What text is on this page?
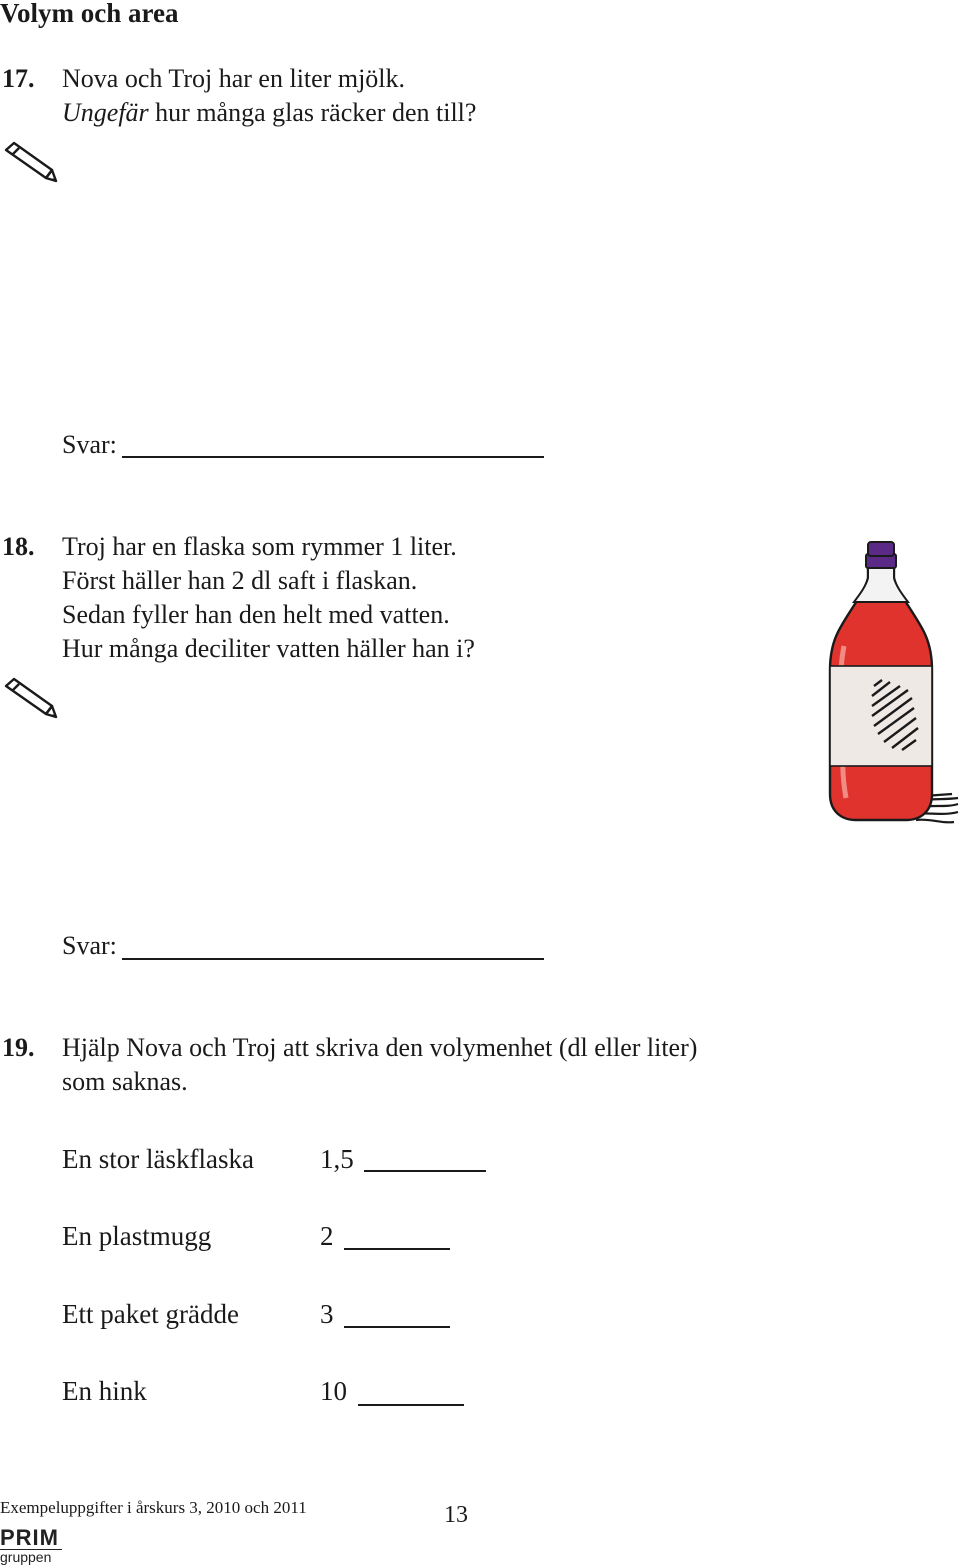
Volym och area
17. Nova och Troj har en liter mjölk.
Ungefär hur många glas räcker den till?
Svar:
18. Troj har en flaska som rymmer 1 liter.
Först häller han 2 dl saft i flaskan.
Sedan fyller han den helt med vatten.
Hur många deciliter vatten häller han i?
Svar:
19. Hjälp Nova och Troj att skriva den volymenhet (dl eller liter)
som saknas.
En stor läskflaska 1,5
En plastmugg	2
Ett paket grädde	3
En hink	10
Exempeluppgifter i årskurs 3, 2010 och 2011	13
PRIM
gruppen
